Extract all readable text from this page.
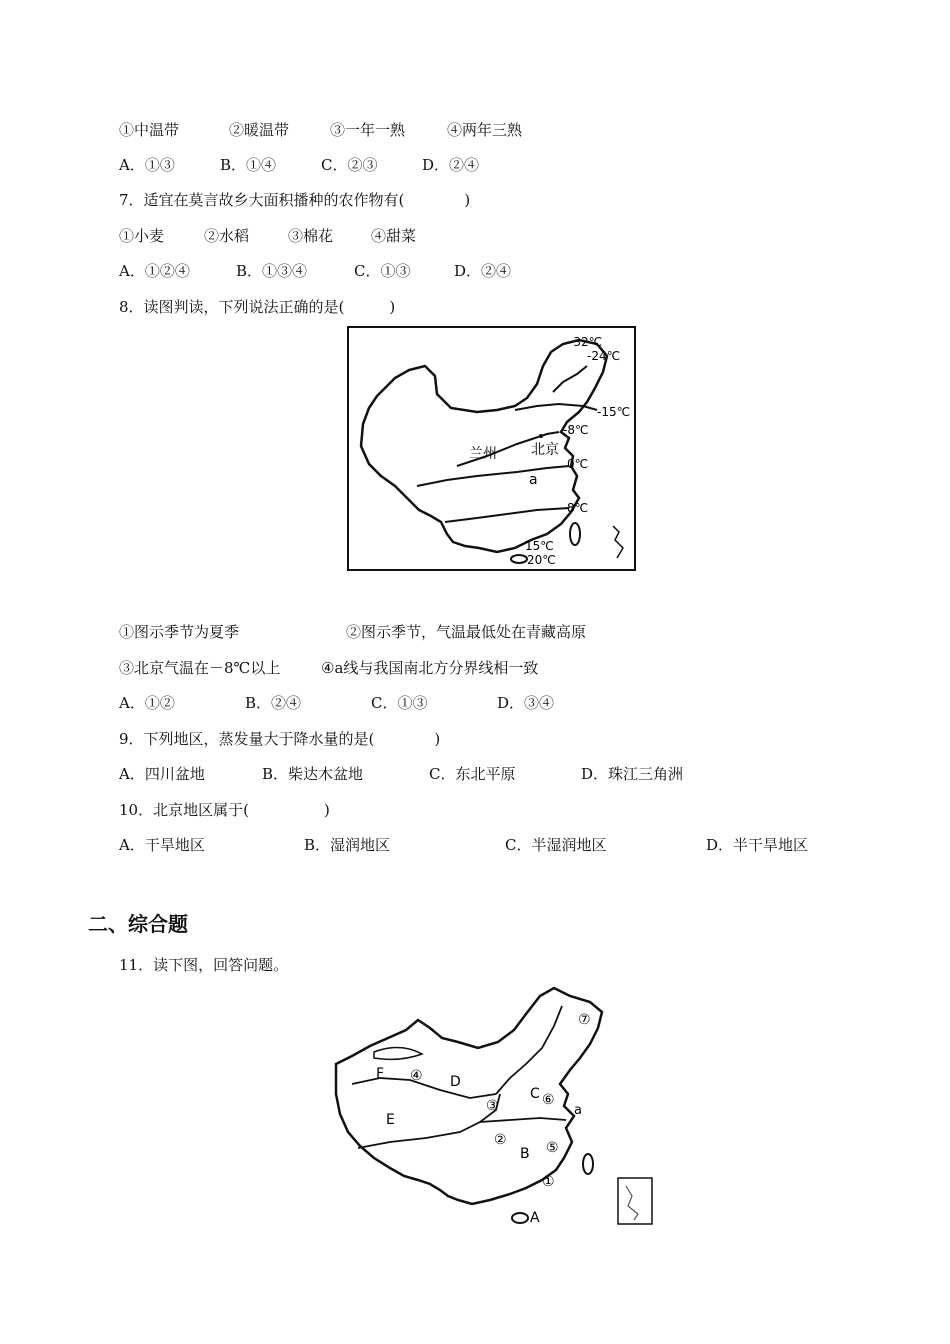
①中温带	②暖温带	③一年一熟	④两年三熟
A．①③	B．①④	C．②③	D．②④
7．适宜在莫言故乡大面积播种的农作物有(　　　　)
①小麦	②水稻	③棉花	④甜菜
A．①②④	B．①③④	C．①③	D．②④
8．读图判读，下列说法正确的是(　　　)
-32℃
-24℃
-15℃
-8℃
0℃
8℃
15℃
20℃
兰州 北京
a
①图示季节为夏季	②图示季节，气温最低处在青藏高原
③北京气温在－8℃以上	④a线与我国南北方分界线相一致
A．①②	B．②④	C．①③	D．③④
9．下列地区，蒸发量大于降水量的是(　　　　)
A．四川盆地	B．柴达木盆地	C．东北平原	D．珠江三角洲
10．北京地区属于(　　　　　)
A．干旱地区	B．湿润地区	C．半湿润地区	D．半干旱地区
二、综合题
11．读下图，回答问题。
⑦
F ④ D
C ⑥
③	a
E
②	⑤
B
①
A
